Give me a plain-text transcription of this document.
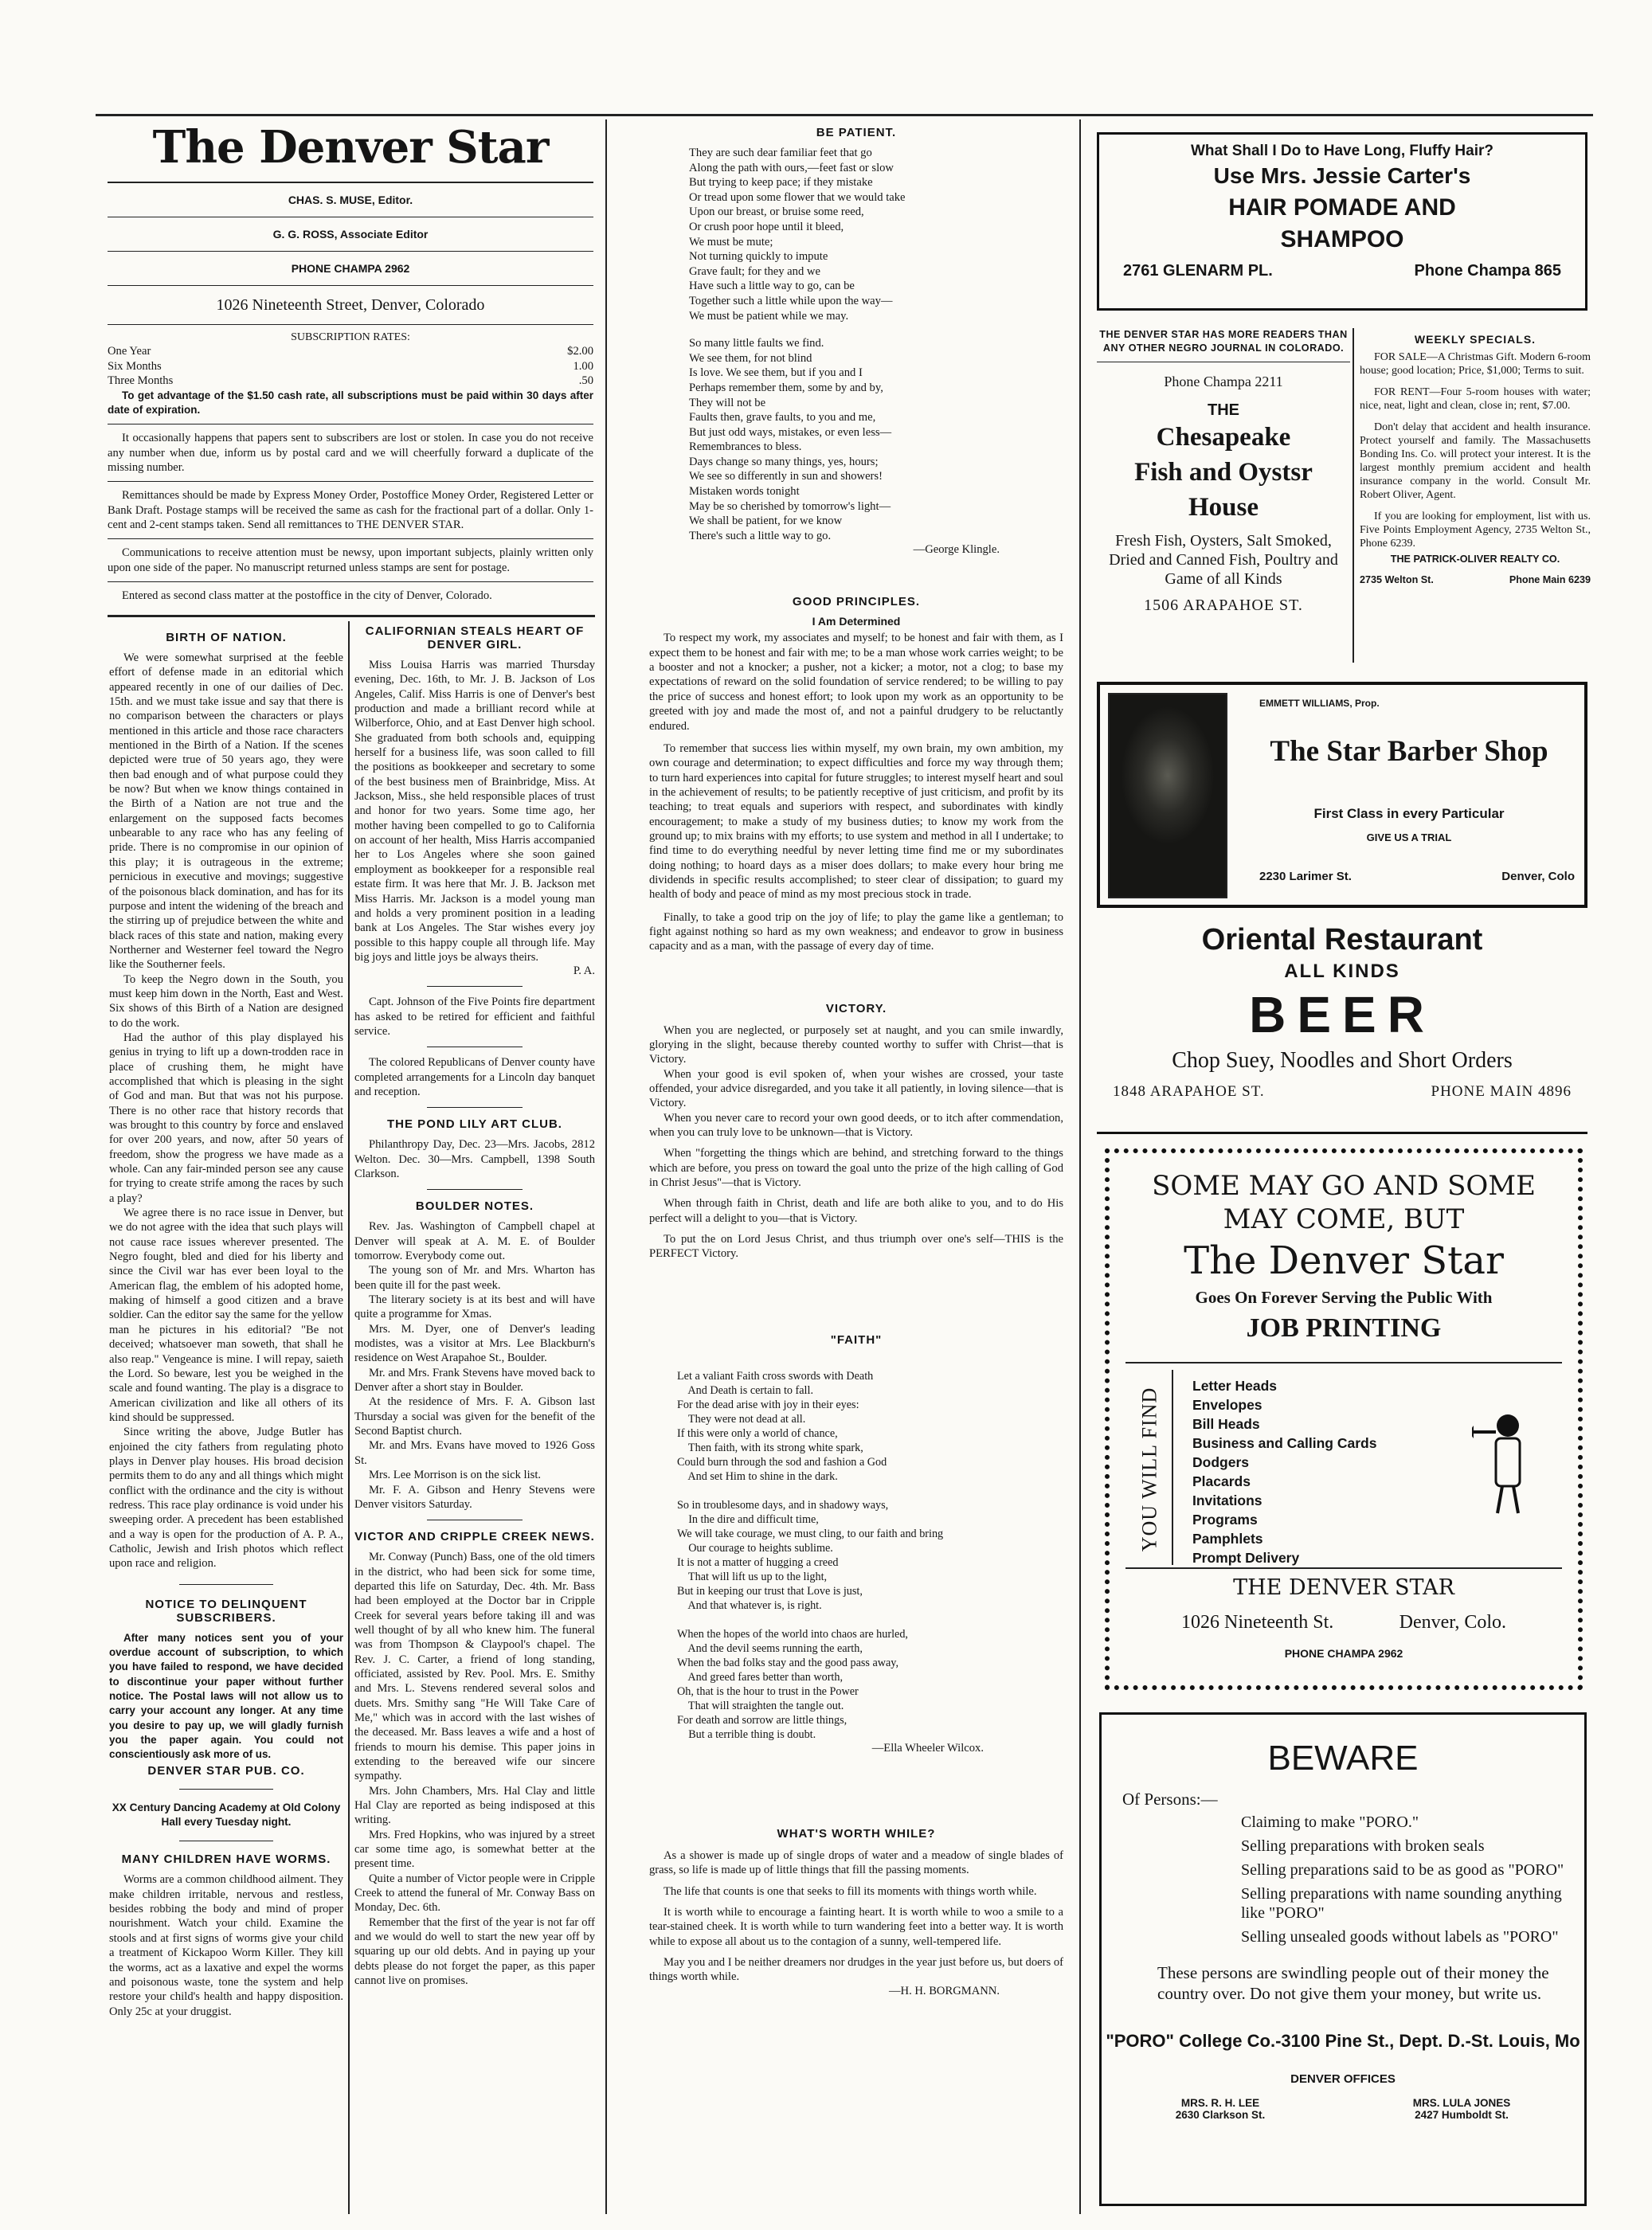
The Denver Star
CHAS. S. MUSE, Editor.
G. G. ROSS, Associate Editor
PHONE CHAMPA 2962
1026 Nineteenth Street, Denver, Colorado
SUBSCRIPTION RATES:
One Year	$2.00
Six Months	1.00
Three Months	.50

To get advantage of the $1.50 cash rate, all subscriptions must be paid within 30 days after date of expiration.

It occasionally happens that papers sent to subscribers are lost or stolen. In case you do not receive any number when due, inform us by postal card and we will cheerfully forward a duplicate of the missing number.

Remittances should be made by Express Money Order, Postoffice Money Order, Registered Letter or Bank Draft. Postage stamps will be received the same as cash for the fractional part of a dollar. Only 1-cent and 2-cent stamps taken. Send all remittances to THE DENVER STAR.

Communications to receive attention must be newsy, upon important subjects, plainly written only upon one side of the paper. No manuscript returned unless stamps are sent for postage.

Entered as second class matter at the postoffice in the city of Denver, Colorado.

BIRTH OF NATION.

We were somewhat surprised at the feeble effort of defense made in an editorial which appeared recently in one of our dailies of Dec. 15th. and we must take issue and say that there is no comparison between the characters or plays mentioned in this article and those race characters mentioned in the Birth of a Nation. If the scenes depicted were true of 50 years ago, they were then bad enough and of what purpose could they be now? But when we know things contained in the Birth of a Nation are not true and the enlargement on the supposed facts becomes unbearable to any race who has any feeling of pride. There is no compromise in our opinion of this play; it is outrageous in the extreme; pernicious in executive and movings; suggestive of the poisonous black domination, and has for its purpose and intent the widening of the breach and the stirring up of prejudice between the white and black races of this state and nation, making every Northerner and Westerner feel toward the Negro like the Southerner feels.

To keep the Negro down in the South, you must keep him down in the North, East and West. Six shows of this Birth of a Nation are designed to do the work.

Had the author of this play displayed his genius in trying to lift up a down-trodden race in place of crushing them, he might have accomplished that which is pleasing in the sight of God and man. But that was not his purpose. There is no other race that history records that was brought to this country by force and enslaved for over 200 years, and now, after 50 years of freedom, show the progress we have made as a whole. Can any fair-minded person see any cause for trying to create strife among the races by such a play?

We agree there is no race issue in Denver, but we do not agree with the idea that such plays will not cause race issues wherever presented. The Negro fought, bled and died for his liberty and since the Civil war has ever been loyal to the American flag, the emblem of his adopted home, making of himself a good citizen and a brave soldier. Can the editor say the same for the yellow man he pictures in his editorial? "Be not deceived; whatsoever man soweth, that shall he also reap." Vengeance is mine. I will repay, saieth the Lord. So beware, lest you be weighed in the scale and found wanting. The play is a disgrace to American civilization and like all others of its kind should be suppressed.

Since writing the above, Judge Butler has enjoined the city fathers from regulating photo plays in Denver play houses. His broad decision permits them to do any and all things which might conflict with the ordinance and the city is without redress. This race play ordinance is void under his sweeping order. A precedent has been established and a way is open for the production of A. P. A., Catholic, Jewish and Irish photos which reflect upon race and religion.

NOTICE TO DELINQUENT SUBSCRIBERS.

After many notices sent you of your overdue account of subscription, to which you have failed to respond, we have decided to discontinue your paper without further notice. The Postal laws will not allow us to carry your account any longer. At any time you desire to pay up, we will gladly furnish you the paper again. You could not conscientiously ask more of us.

DENVER STAR PUB. CO.

XX Century Dancing Academy at Old Colony Hall every Tuesday night.

MANY CHILDREN HAVE WORMS.

Worms are a common childhood ailment. They make children irritable, nervous and restless, besides robbing the body and mind of proper nourishment. Watch your child. Examine the stools and at first signs of worms give your child a treatment of Kickapoo Worm Killer. They kill the worms, act as a laxative and expel the worms and poisonous waste, tone the system and help restore your child's health and happy disposition. Only 25c at your druggist.

CALIFORNIAN STEALS HEART OF DENVER GIRL.

Miss Louisa Harris was married Thursday evening, Dec. 16th, to Mr. J. B. Jackson of Los Angeles, Calif. Miss Harris is one of Denver's best production and made a brilliant record while at Wilberforce, Ohio, and at East Denver high school. She graduated from both schools and, equipping herself for a business life, was soon called to fill the positions as bookkeeper and secretary to some of the best business men of Brainbridge, Miss. At Jackson, Miss., she held responsible places of trust and honor for two years. Some time ago, her mother having been compelled to go to California on account of her health, Miss Harris accompanied her to Los Angeles where she soon gained employment as bookkeeper for a responsible real estate firm. It was here that Mr. J. B. Jackson met Miss Harris. Mr. Jackson is a model young man and holds a very prominent position in a leading bank at Los Angeles. The Star wishes every joy possible to this happy couple all through life. May big joys and little joys be always theirs.

P. A.

Capt. Johnson of the Five Points fire department has asked to be retired for efficient and faithful service.

The colored Republicans of Denver county have completed arrangements for a Lincoln day banquet and reception.

THE POND LILY ART CLUB.

Philanthropy Day, Dec. 23—Mrs. Jacobs, 2812 Welton. Dec. 30—Mrs. Campbell, 1398 South Clarkson.

BOULDER NOTES.

Rev. Jas. Washington of Campbell chapel at Denver will speak at A. M. E. of Boulder tomorrow. Everybody come out.

The young son of Mr. and Mrs. Wharton has been quite ill for the past week.

The literary society is at its best and will have quite a programme for Xmas.

Mrs. M. Dyer, one of Denver's leading modistes, was a visitor at Mrs. Lee Blackburn's residence on West Arapahoe St., Boulder.

Mr. and Mrs. Frank Stevens have moved back to Denver after a short stay in Boulder.

At the residence of Mrs. F. A. Gibson last Thursday a social was given for the benefit of the Second Baptist church.

Mr. and Mrs. Evans have moved to 1926 Goss St.

Mrs. Lee Morrison is on the sick list.

Mr. F. A. Gibson and Henry Stevens were Denver visitors Saturday.

VICTOR AND CRIPPLE CREEK NEWS.

Mr. Conway (Punch) Bass, one of the old timers in the district, who had been sick for some time, departed this life on Saturday, Dec. 4th. Mr. Bass had been employed at the Doctor bar in Cripple Creek for several years before taking ill and was well thought of by all who knew him. The funeral was from Thompson & Claypool's chapel. The Rev. J. C. Carter, a friend of long standing, officiated, assisted by Rev. Pool. Mrs. E. Smithy and Mrs. L. Stevens rendered several solos and duets. Mrs. Smithy sang "He Will Take Care of Me," which was in accord with the last wishes of the deceased. Mr. Bass leaves a wife and a host of friends to mourn his demise. This paper joins in extending to the bereaved wife our sincere sympathy.

Mrs. John Chambers, Mrs. Hal Clay and little Hal Clay are reported as being indisposed at this writing.

Mrs. Fred Hopkins, who was injured by a street car some time ago, is somewhat better at the present time.

Quite a number of Victor people were in Cripple Creek to attend the funeral of Mr. Conway Bass on Monday, Dec. 6th.

Remember that the first of the year is not far off and we would do well to start the new year off by squaring up our old debts. And in paying up your debts please do not forget the paper, as this paper cannot live on promises.

BE PATIENT.
They are such dear familiar feet that go
Along the path with ours,—feet fast or slow
But trying to keep pace; if they mistake
Or tread upon some flower that we would take
Upon our breast, or bruise some reed,
Or crush poor hope until it bleed,
We must be mute;
Not turning quickly to impute
Grave fault; for they and we
Have such a little way to go, can be
Together such a little while upon the way—
We must be patient while we may.
So many little faults we find.
We see them, for not blind
Is love. We see them, but if you and I
Perhaps remember them, some by and by,
They will not be
Faults then, grave faults, to you and me,
But just odd ways, mistakes, or even less—
Remembrances to bless.
Days change so many things, yes, hours;
We see so differently in sun and showers!
Mistaken words tonight
May be so cherished by tomorrow's light—
We shall be patient, for we know
There's such a little way to go.
—George Klingle.
GOOD PRINCIPLES.
I Am Determined

To respect my work, my associates and myself; to be honest and fair with them, as I expect them to be honest and fair with me; to be a man whose work carries weight; to be a booster and not a knocker; a pusher, not a kicker; a motor, not a clog; to base my expectations of reward on the solid foundation of service rendered; to be willing to pay the price of success and honest effort; to look upon my work as an opportunity to be greeted with joy and made the most of, and not a painful drudgery to be reluctantly endured.

To remember that success lies within myself, my own brain, my own ambition, my own courage and determination; to expect difficulties and force my way through them; to turn hard experiences into capital for future struggles; to interest myself heart and soul in the achievement of results; to be patiently receptive of just criticism, and profit by its teaching; to treat equals and superiors with respect, and subordinates with kindly encouragement; to make a study of my business duties; to know my work from the ground up; to mix brains with my efforts; to use system and method in all I undertake; to find time to do everything needful by never letting time find me or my subordinates doing nothing; to hoard days as a miser does dollars; to make every hour bring me dividends in specific results accomplished; to steer clear of dissipation; to guard my health of body and peace of mind as my most precious stock in trade.

Finally, to take a good trip on the joy of life; to play the game like a gentleman; to fight against nothing so hard as my own weakness; and endeavor to grow in business capacity and as a man, with the passage of every day of time.

VICTORY.

When you are neglected, or purposely set at naught, and you can smile inwardly, glorying in the slight, because thereby counted worthy to suffer with Christ—that is Victory.

When your good is evil spoken of, when your wishes are crossed, your taste offended, your advice disregarded, and you take it all patiently, in loving silence—that is Victory.

When you never care to record your own good deeds, or to itch after commendation, when you can truly love to be unknown—that is Victory.

When "forgetting the things which are behind, and stretching forward to the things which are before, you press on toward the goal unto the prize of the high calling of God in Christ Jesus"—that is Victory.

When through faith in Christ, death and life are both alike to you, and to do His perfect will a delight to you—that is Victory.

To put the on Lord Jesus Christ, and thus triumph over one's self—THIS is the PERFECT Victory.

"FAITH"
Let a valiant Faith cross swords with Death
And Death is certain to fall.
For the dead arise with joy in their eyes:
They were not dead at all.
If this were only a world of chance,
Then faith, with its strong white spark,
Could burn through the sod and fashion a God
And set Him to shine in the dark.

So in troublesome days, and in shadowy ways,
In the dire and difficult time,
We will take courage, we must cling, to our faith and bring
Our courage to heights sublime.
It is not a matter of hugging a creed
That will lift us up to the light,
But in keeping our trust that Love is just,
And that whatever is, is right.

When the hopes of the world into chaos are hurled,
And the devil seems running the earth,
When the bad folks stay and the good pass away,
And greed fares better than worth,
Oh, that is the hour to trust in the Power
That will straighten the tangle out.
For death and sorrow are little things,
But a terrible thing is doubt.
—Ella Wheeler Wilcox.
WHAT'S WORTH WHILE?

As a shower is made up of single drops of water and a meadow of single blades of grass, so life is made up of little things that fill the passing moments.

The life that counts is one that seeks to fill its moments with things worth while.

It is worth while to encourage a fainting heart. It is worth while to woo a smile to a tear-stained cheek. It is worth while to turn wandering feet into a better way. It is worth while to expose all about us to the contagion of a sunny, well-tempered life.

May you and I be neither dreamers nor drudges in the year just before us, but doers of things worth while.

—H. H. BORGMANN.
What Shall I Do to Have Long, Fluffy Hair?
Use Mrs. Jessie Carter's
HAIR POMADE AND
SHAMPOO
2761 GLENARM PL.	Phone Champa 865
THE DENVER STAR HAS MORE READERS THAN ANY OTHER NEGRO JOURNAL IN COLORADO.
Phone Champa 2211
THE
Chesapeake
Fish and Oystsr
House
Fresh Fish, Oysters, Salt Smoked, Dried and Canned Fish, Poultry and Game of all Kinds
1506 ARAPAHOE ST.
WEEKLY SPECIALS.

FOR SALE—A Christmas Gift. Modern 6-room house; good location; Price, $1,000; Terms to suit.

FOR RENT—Four 5-room houses with water; nice, neat, light and clean, close in; rent, $7.00.

Don't delay that accident and health insurance. Protect yourself and family. The Massachusetts Bonding Ins. Co. will protect your interest. It is the largest monthly premium accident and health insurance company in the world. Consult Mr. Robert Oliver, Agent.

If you are looking for employment, list with us. Five Points Employment Agency, 2735 Welton St., Phone 6239.

THE PATRICK-OLIVER REALTY CO.
2735 Welton St.	Phone Main 6239
EMMETT WILLIAMS, Prop.
The Star Barber Shop
First Class in every Particular
GIVE US A TRIAL
2230 Larimer St.	Denver, Colo
Oriental Restaurant
ALL KINDS
BEER
Chop Suey, Noodles and Short Orders
1848 ARAPAHOE ST.	PHONE MAIN 4896
SOME MAY GO AND SOME
MAY COME, BUT
The Denver Star
Goes On Forever Serving the Public With
JOB PRINTING
YOU WILL FIND
Letter Heads
Envelopes
Bill Heads
Business and Calling Cards
Dodgers
Placards
Invitations
Programs
Pamphlets
Prompt Delivery
THE DENVER STAR
1026 Nineteenth St.	Denver, Colo.
PHONE CHAMPA 2962
BEWARE
Of Persons:—
Claiming to make "PORO."
Selling preparations with broken seals
Selling preparations said to be as good as "PORO"
Selling preparations with name sounding anything like "PORO"
Selling unsealed goods without labels as "PORO"
These persons are swindling people out of their money the country over. Do not give them your money, but write us.
"PORO" College Co.-3100 Pine St., Dept. D.-St. Louis, Mo
DENVER OFFICES
MRS. R. H. LEE
2630 Clarkson St.
MRS. LULA JONES
2427 Humboldt St.
